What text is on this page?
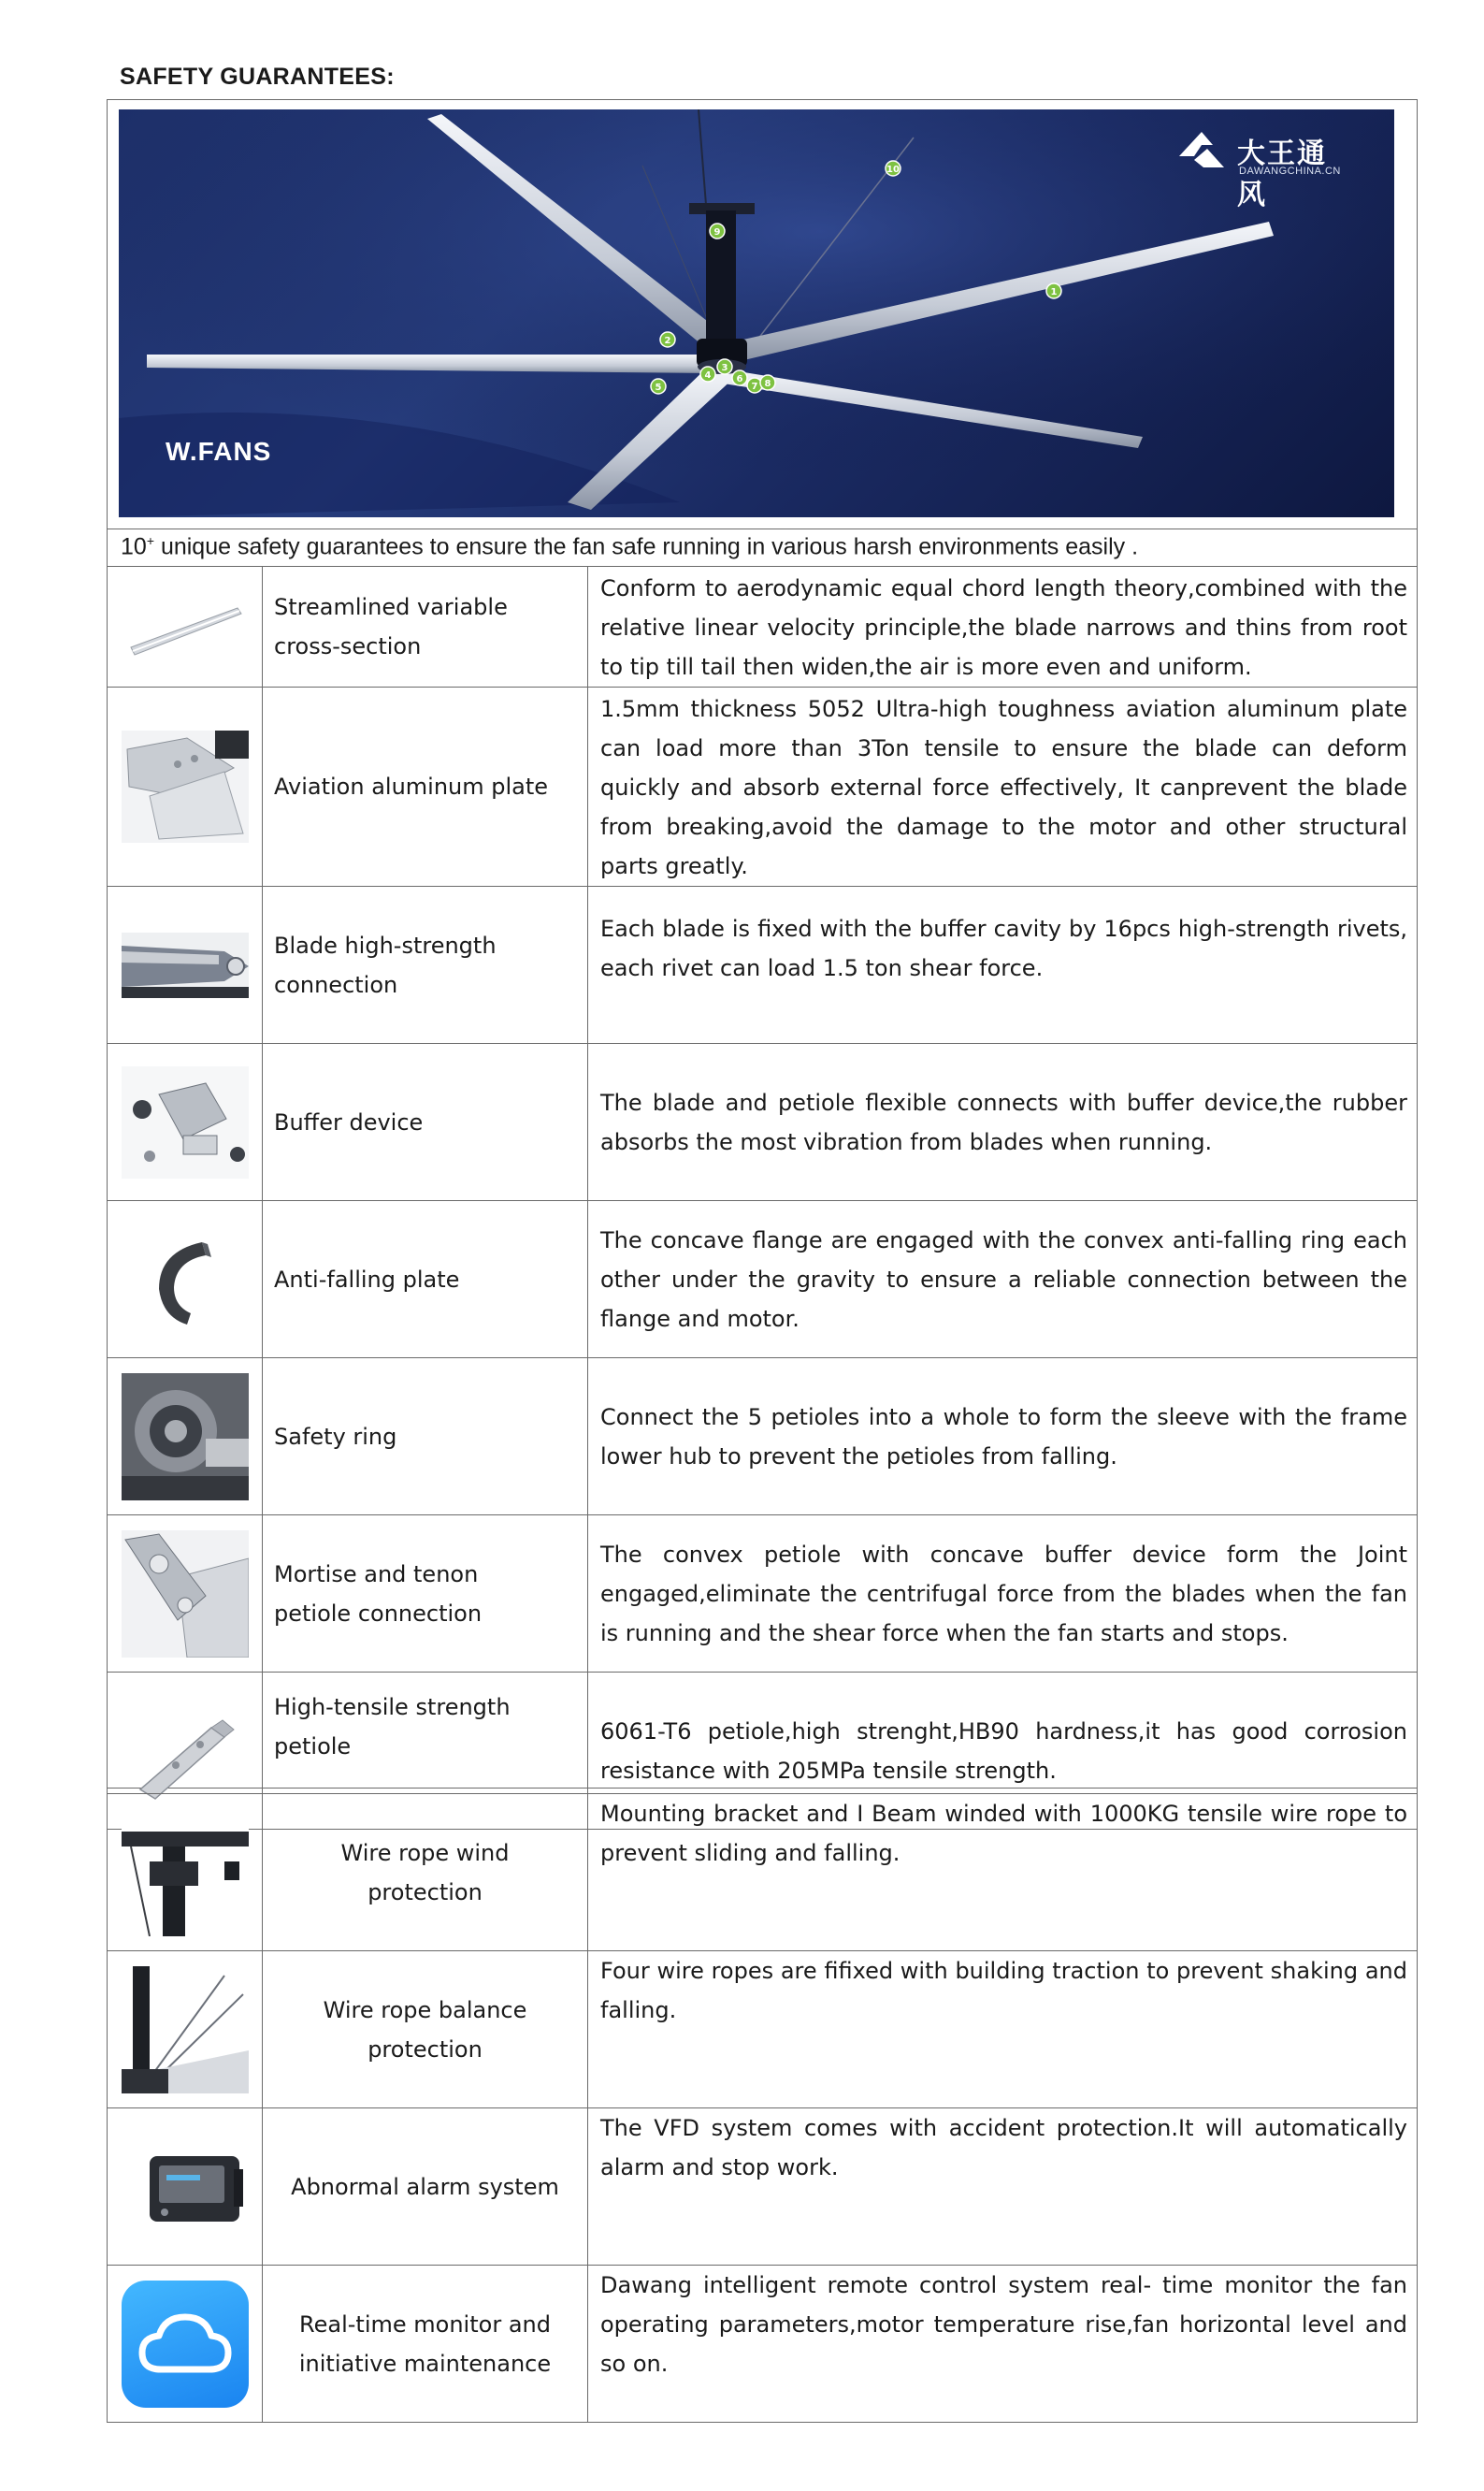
SAFETY GUARANTEES:
10
9
1
2
5
4
3
6
7 8
W.FANS
大王通风
DAWANGCHINA.CN
10+ unique safety guarantees to ensure the fan safe running in various harsh environments easily .

Streamlined variable
cross-section	Conform to aerodynamic equal chord length theory,combined with the relative linear velocity principle,the blade narrows and thins from root to tip till tail then widen,the air is more even and uniform.

Aviation aluminum plate	1.5mm thickness 5052 Ultra-high toughness aviation aluminum plate can load more than 3Ton tensile to ensure the blade can deform quickly and absorb external force effectively, It canprevent the blade from breaking,avoid the damage to the motor and other structural parts greatly.

Blade high-strength
connection	Each blade is fixed with the buffer cavity by 16pcs high-strength rivets, each rivet can load 1.5 ton shear force.

Buffer device	The blade and petiole flexible connects with buffer device,the rubber absorbs the most vibration from blades when running.

Anti-falling plate	The concave flange are engaged with the convex anti-falling ring each other under the gravity to ensure a reliable connection between the flange and motor.

Safety ring	Connect the 5 petioles into a whole to form the sleeve with the frame lower hub to prevent the petioles from falling.

Mortise and tenon
petiole connection	The convex petiole with concave buffer device form the Joint engaged,eliminate the centrifugal force from the blades when the fan is running and the shear force when the fan starts and stops.

High-tensile strength
petiole	6061-T6 petiole,high strenght,HB90 hardness,it has good corrosion resistance with 205MPa tensile strength.

Wire rope wind
protection	Mounting bracket and I Beam winded with 1000KG tensile wire rope to prevent sliding and falling.

Wire rope balance
protection	Four wire ropes are fifixed with building traction to prevent shaking and falling.

Abnormal alarm system	The VFD system comes with accident protection.It will automatically alarm and stop work.

Real-time monitor and
initiative maintenance	Dawang intelligent remote control system real- time monitor the fan operating parameters,motor temperature rise,fan horizontal level and so on.
